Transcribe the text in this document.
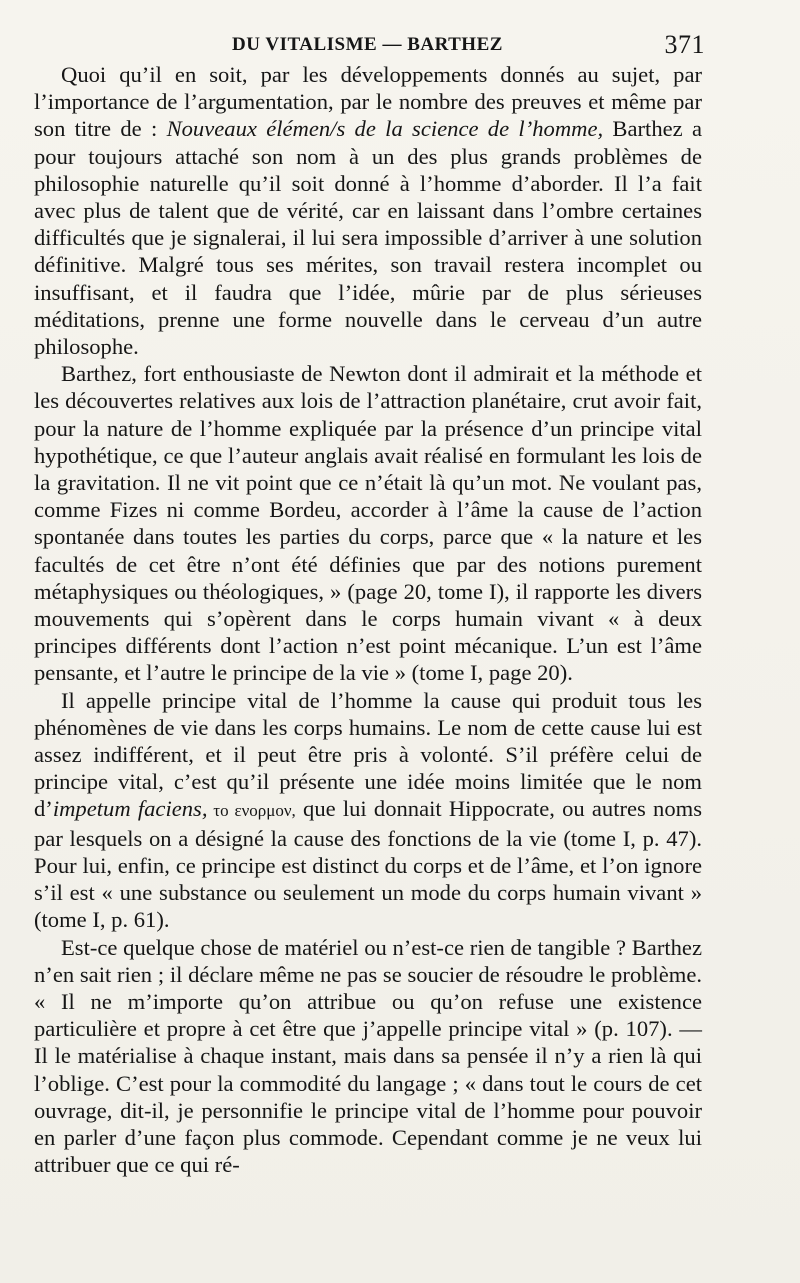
DU VITALISME — BARTHEZ	371

Quoi qu’il en soit, par les développements donnés au sujet, par l’importance de l’argumentation, par le nombre des preuves et même par son titre de : Nouveaux élémen/s de la science de l’homme, Barthez a pour toujours attaché son nom à un des plus grands problèmes de philosophie naturelle qu’il soit donné à l’homme d’aborder. Il l’a fait avec plus de talent que de vérité, car en laissant dans l’ombre certaines difficultés que je signalerai, il lui sera impossible d’arriver à une solution définitive. Malgré tous ses mérites, son travail restera incomplet ou insuffisant, et il faudra que l’idée, mûrie par de plus sérieuses méditations, prenne une forme nouvelle dans le cerveau d’un autre philosophe.

Barthez, fort enthousiaste de Newton dont il admirait et la méthode et les découvertes relatives aux lois de l’attraction planétaire, crut avoir fait, pour la nature de l’homme expliquée par la présence d’un principe vital hypothétique, ce que l’auteur anglais avait réalisé en formulant les lois de la gravitation. Il ne vit point que ce n’était là qu’un mot. Ne voulant pas, comme Fizes ni comme Bordeu, accorder à l’âme la cause de l’action spontanée dans toutes les parties du corps, parce que « la nature et les facultés de cet être n’ont été définies que par des notions purement métaphysiques ou théologiques, » (page 20, tome I), il rapporte les divers mouvements qui s’opèrent dans le corps humain vivant « à deux principes différents dont l’action n’est point mécanique. L’un est l’âme pensante, et l’autre le principe de la vie » (tome I, page 20).

Il appelle principe vital de l’homme la cause qui produit tous les phénomènes de vie dans les corps humains. Le nom de cette cause lui est assez indifférent, et il peut être pris à volonté. S’il préfère celui de principe vital, c’est qu’il présente une idée moins limitée que le nom d’impetum faciens, το ενορμον, que lui donnait Hippocrate, ou autres noms par lesquels on a désigné la cause des fonctions de la vie (tome I, p. 47). Pour lui, enfin, ce principe est distinct du corps et de l’âme, et l’on ignore s’il est « une substance ou seulement un mode du corps humain vivant » (tome I, p. 61).

Est-ce quelque chose de matériel ou n’est-ce rien de tangible ? Barthez n’en sait rien ; il déclare même ne pas se soucier de résoudre le problème. « Il ne m’importe qu’on attribue ou qu’on refuse une existence particulière et propre à cet être que j’appelle principe vital » (p. 107). — Il le matérialise à chaque instant, mais dans sa pensée il n’y a rien là qui l’oblige. C’est pour la commodité du langage ; « dans tout le cours de cet ouvrage, dit-il, je personnifie le principe vital de l’homme pour pouvoir en parler d’une façon plus commode. Cependant comme je ne veux lui attribuer que ce qui ré-
